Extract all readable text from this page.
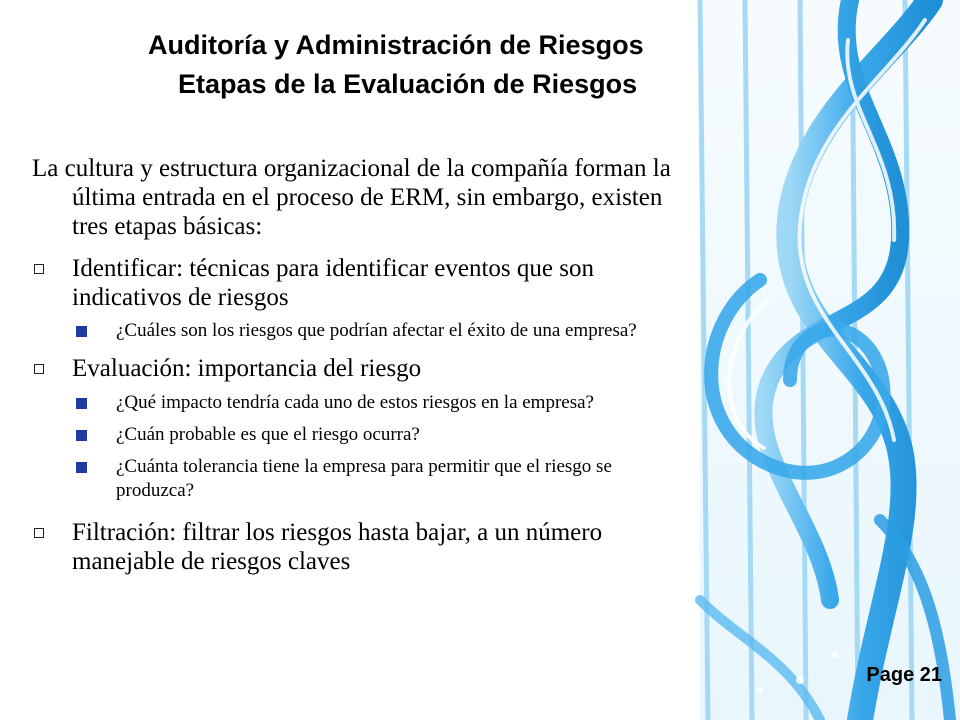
Auditoría y Administración de Riesgos
Etapas de la Evaluación de Riesgos
La cultura y estructura organizacional de la compañía forman la
última entrada en el proceso de ERM, sin embargo, existen
tres etapas básicas:
Identificar: técnicas para identificar eventos que son
indicativos de riesgos
¿Cuáles son los riesgos que podrían afectar el éxito de una empresa?
Evaluación: importancia del riesgo
¿Qué impacto tendría cada uno de estos riesgos en la empresa?
¿Cuán probable es que el riesgo ocurra?
¿Cuánta tolerancia tiene la empresa para permitir que el riesgo se
produzca?
Filtración: filtrar los riesgos hasta bajar, a un número
manejable de riesgos claves
Page 21
